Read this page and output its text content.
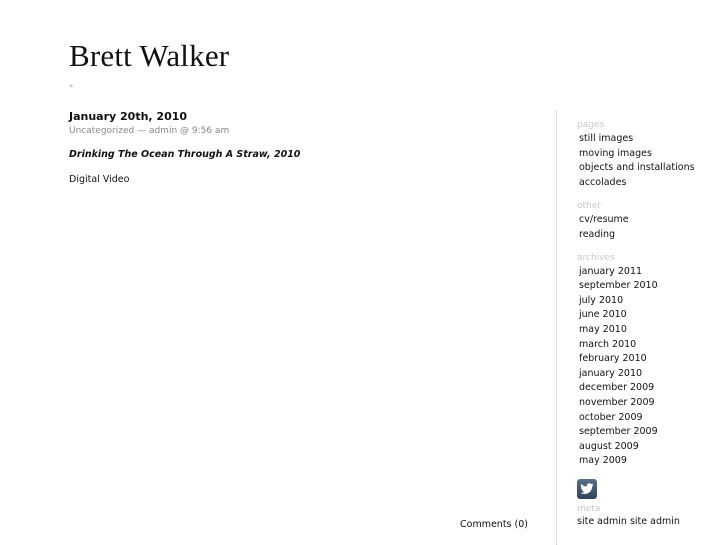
Brett Walker
»
January 20th, 2010
Uncategorized — admin @ 9:56 am
Drinking The Ocean Through A Straw, 2010
Digital Video
Comments (0)
pages
still images
moving images
objects and installations
accolades
other
cv/resume
reading
archives
january 2011
september 2010
july 2010
june 2010
may 2010
march 2010
february 2010
january 2010
december 2009
november 2009
october 2009
september 2009
august 2009
may 2009
meta
site admin site admin
